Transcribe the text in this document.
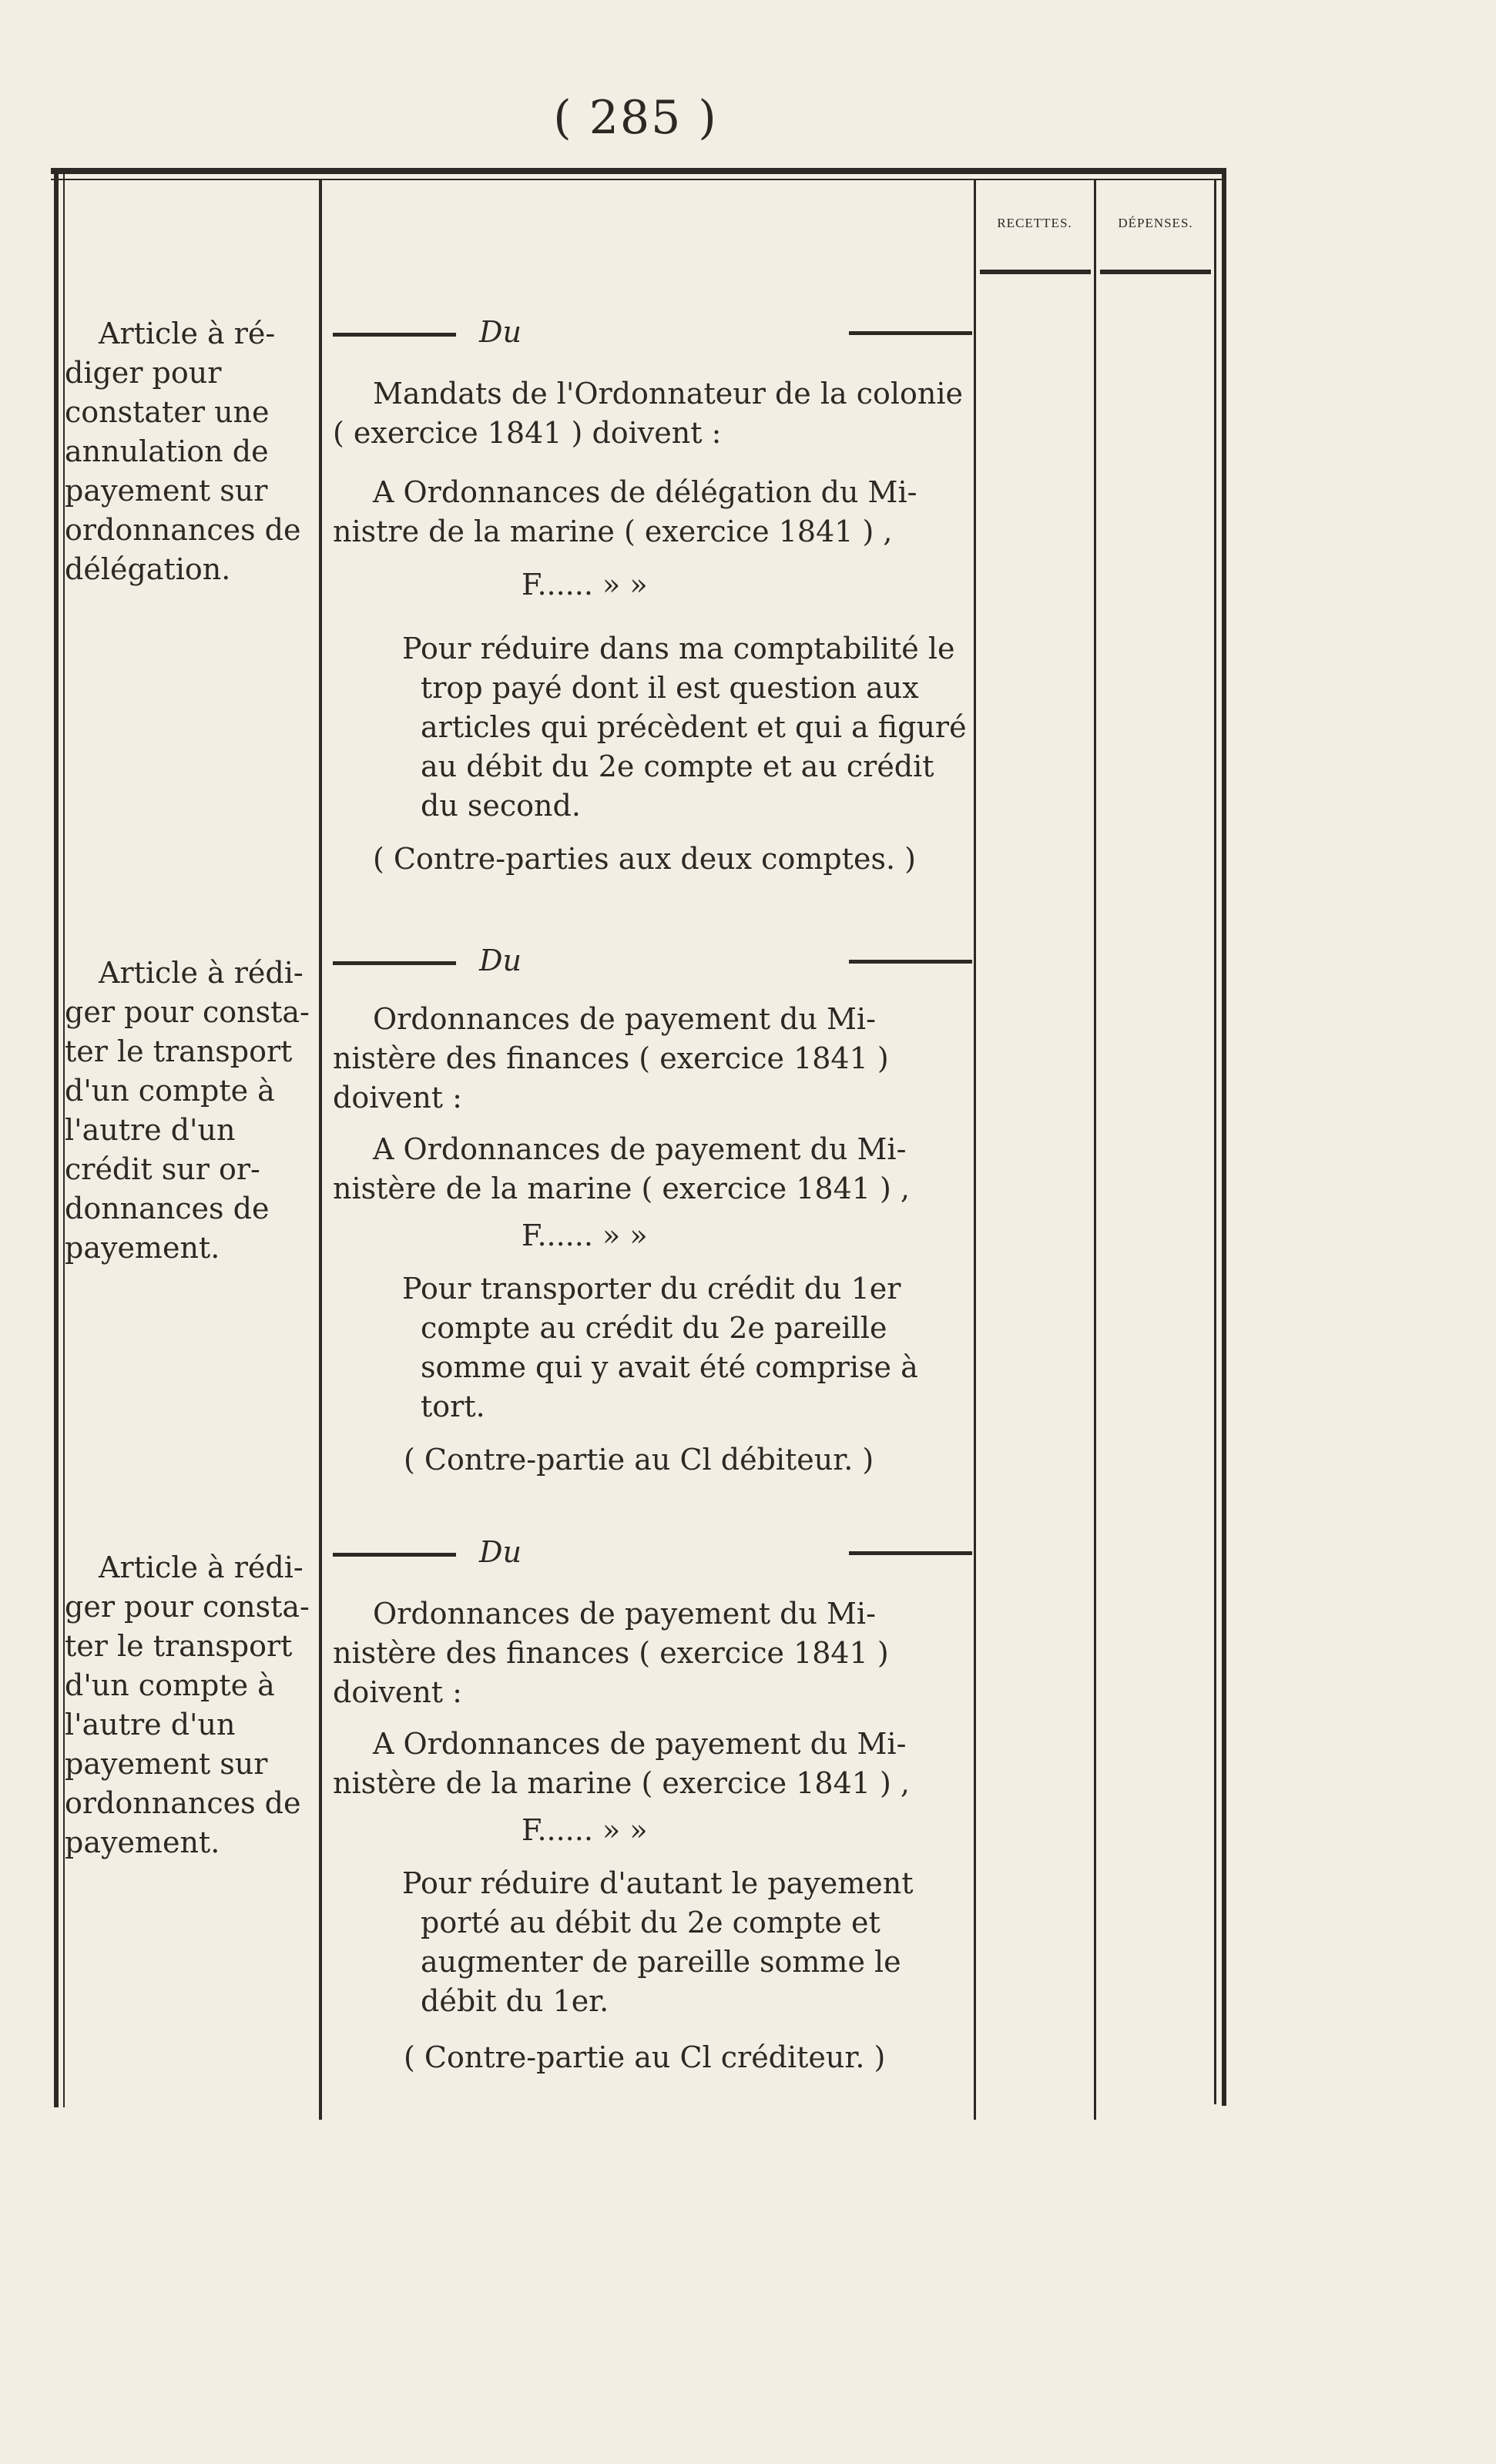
( 285 )
RECETTES.	DÉPENSES.
Article à ré-
diger pour
constater une
annulation de
payement sur
ordonnances de
délégation.
Du

Mandats de l'Ordonnateur de la colonie

( exercice 1841 ) doivent :

A Ordonnances de délégation du Mi-

nistre de la marine ( exercice 1841 ) ,

F...... » »

Pour réduire dans ma comptabilité le

trop payé dont il est question aux

articles qui précèdent et qui a figuré

au débit du 2e compte et au crédit

du second.

( Contre-parties aux deux comptes. )

Article à rédi-
ger pour consta-
ter le transport
d'un compte à
l'autre d'un
crédit sur or-
donnances de
payement.
Du

Ordonnances de payement du Mi-

nistère des finances ( exercice 1841 )

doivent :

A Ordonnances de payement du Mi-

nistère de la marine ( exercice 1841 ) ,

F...... » »

Pour transporter du crédit du 1er

compte au crédit du 2e pareille

somme qui y avait été comprise à

tort.

( Contre-partie au Cl débiteur. )

Article à rédi-
ger pour consta-
ter le transport
d'un compte à
l'autre d'un
payement sur
ordonnances de
payement.
Du

Ordonnances de payement du Mi-

nistère des finances ( exercice 1841 )

doivent :

A Ordonnances de payement du Mi-

nistère de la marine ( exercice 1841 ) ,

F...... » »

Pour réduire d'autant le payement

porté au débit du 2e compte et

augmenter de pareille somme le

débit du 1er.

( Contre-partie au Cl créditeur. )
